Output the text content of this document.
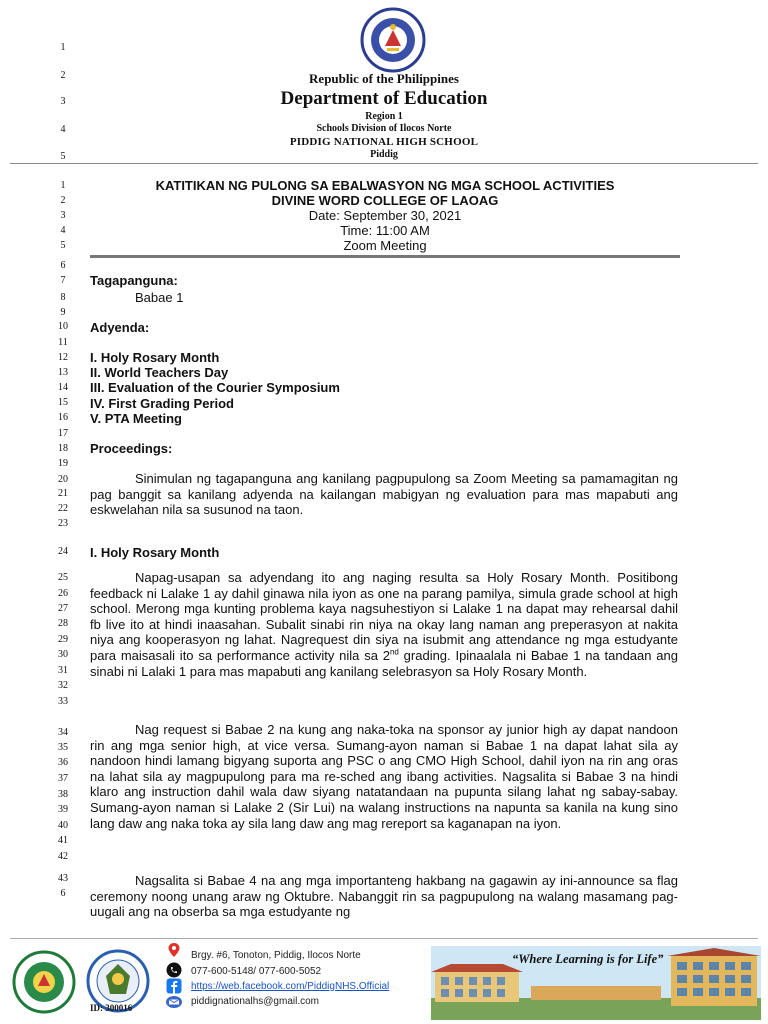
1
2
3
4
5
Republic of the Philippines
Department of Education
Region 1
Schools Division of Ilocos Norte
PIDDIG NATIONAL HIGH SCHOOL
Piddig
KATITIKAN NG PULONG SA EBALWASYON NG MGA SCHOOL ACTIVITIES
DIVINE WORD COLLEGE OF LAOAG
Date: September 30, 2021
Time: 11:00 AM
Zoom Meeting
1
2
3
4
5
6
7
8
9
10
11
12
13
14
15
16
17
18
19
20
21
22
23
24
25
26
27
28
29
30
31
32
33
34
35
36
37
38
39
40
41
42
43
6
Tagapanguna:
Babae 1
Adyenda:
I. Holy Rosary Month
II. World Teachers Day
III. Evaluation of the Courier Symposium
IV. First Grading Period
V. PTA Meeting
Proceedings:

Sinimulan ng tagapanguna ang kanilang pagpupulong sa Zoom Meeting sa pamamagitan ng pag banggit sa kanilang adyenda na kailangan mabigyan ng evaluation para mas mapabuti ang eskwelahan nila sa susunod na taon.

I. Holy Rosary Month

Napag-usapan sa adyendang ito ang naging resulta sa Holy Rosary Month. Positibong feedback ni Lalake 1 ay dahil ginawa nila iyon as one na parang pamilya, simula grade school at high school. Merong mga kunting problema kaya nagsuhestiyon si Lalake 1 na dapat may rehearsal dahil fb live ito at hindi inaasahan. Subalit sinabi rin niya na okay lang naman ang preperasyon at nakita niya ang kooperasyon ng lahat. Nagrequest din siya na isubmit ang attendance ng mga estudyante para maisasali ito sa performance activity nila sa 2nd grading. Ipinaalala ni Babae 1 na tandaan ang sinabi ni Lalaki 1 para mas mapabuti ang kanilang selebrasyon sa Holy Rosary Month.

Nag request si Babae 2 na kung ang naka-toka na sponsor ay junior high ay dapat nandoon rin ang mga senior high, at vice versa. Sumang-ayon naman si Babae 1 na dapat lahat sila ay nandoon hindi lamang bigyang suporta ang PSC o ang CMO High School, dahil iyon na rin ang oras na lahat sila ay magpupulong para ma re-sched ang ibang activities. Nagsalita si Babae 3 na hindi klaro ang instruction dahil wala daw siyang natatandaan na pupunta silang lahat ng sabay-sabay. Sumang-ayon naman si Lalake 2 (Sir Lui) na walang instructions na napunta sa kanila na kung sino lang daw ang naka toka ay sila lang daw ang mag rereport sa kaganapan na iyon.

Nagsalita si Babae 4 na ang mga importanteng hakbang na gagawin ay ini-announce sa flag ceremony noong unang araw ng Oktubre. Nabanggit rin sa pagpupulong na walang masamang pag-uugali ang na obserba sa mga estudyante ng

ID: 300016
Brgy. #6, Tonoton, Piddig, Ilocos Norte
077-600-5148/ 077-600-5052
https://web.facebook.com/PiddigNHS.Official
piddignationalhs@gmail.com
“Where Learning is for Life”
